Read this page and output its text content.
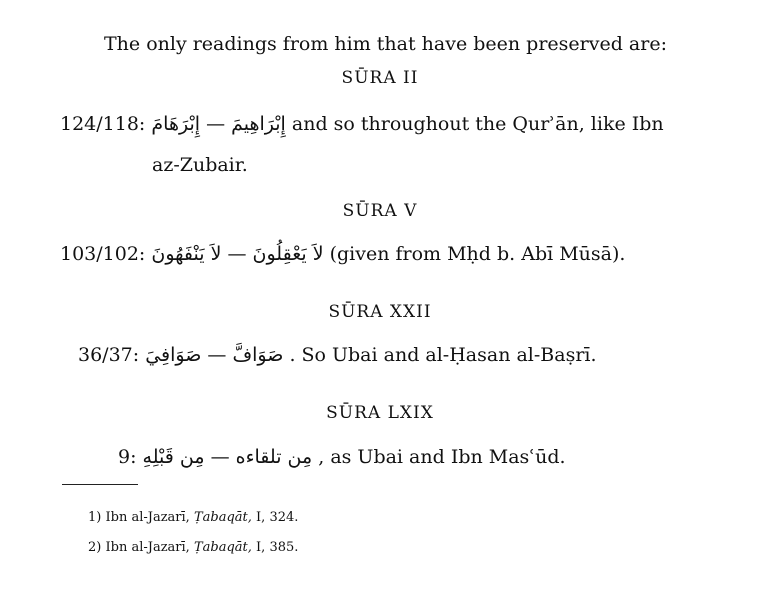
The only readings from him that have been preserved are:
SŪRA II
124/118: إِبْرَهَامَ — إِبْرَاهِيمَ and so throughout the Qurʾān, like Ibn
az-Zubair.
SŪRA V
103/102: لاَ يَنْفَهُونَ — لاَ يَعْقِلُونَ (given from Mḥd b. Abī Mūsā).
SŪRA XXII
36/37: صَوَافِيَ — صَوَافَّ . So Ubai and al-Ḥasan al-Baṣrī.
SŪRA LXIX
9: مِن قَبْلِهِ — مِن تلقاءه , as Ubai and Ibn Masʿūd.
1) Ibn al-Jazarī, Ṭabaqāt, I, 324.
2) Ibn al-Jazarī, Ṭabaqāt, I, 385.
